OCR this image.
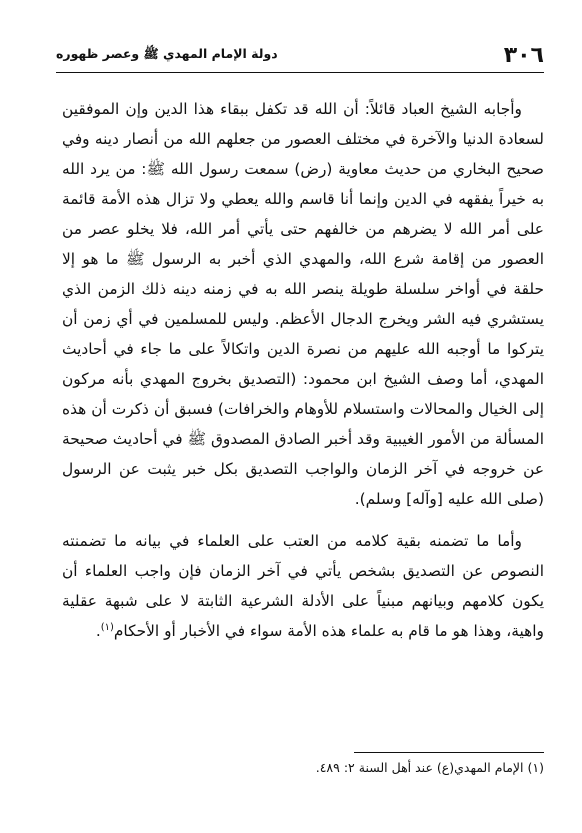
٣٠٦
دولة الإمام المهدي ﷺ وعصر ظهوره

وأجابه الشيخ العباد قائلاً: أن الله قد تكفل ببقاء هذا الدين وإن الموفقين لسعادة الدنيا والآخرة في مختلف العصور من جعلهم الله من أنصار دينه وفي صحيح البخاري من حديث معاوية (رض) سمعت رسول الله ﷺ: من يرد الله به خيراً يفقهه في الدين وإنما أنا قاسم والله يعطي ولا تزال هذه الأمة قائمة على أمر الله لا يضرهم من خالفهم حتى يأتي أمر الله، فلا يخلو عصر من العصور من إقامة شرع الله، والمهدي الذي أخبر به الرسول ﷺ ما هو إلا حلقة في أواخر سلسلة طويلة ينصر الله به في زمنه دينه ذلك الزمن الذي يستشري فيه الشر ويخرج الدجال الأعظم. وليس للمسلمين في أي زمن أن يتركوا ما أوجبه الله عليهم من نصرة الدين واتكالاً على ما جاء في أحاديث المهدي، أما وصف الشيخ ابن محمود: (التصديق بخروج المهدي بأنه مركون إلى الخيال والمحالات واستسلام للأوهام والخرافات) فسبق أن ذكرت أن هذه المسألة من الأمور الغيبية وقد أخبر الصادق المصدوق ﷺ في أحاديث صحيحة عن خروجه في آخر الزمان والواجب التصديق بكل خبر يثبت عن الرسول (صلى الله عليه [وآله] وسلم).

وأما ما تضمنه بقية كلامه من العتب على العلماء في بيانه ما تضمنته النصوص عن التصديق بشخص يأتي في آخر الزمان فإن واجب العلماء أن يكون كلامهم وبيانهم مبنياً على الأدلة الشرعية الثابتة لا على شبهة عقلية واهية، وهذا هو ما قام به علماء هذه الأمة سواء في الأخبار أو الأحكام$^{(١)}$.

(١) الإمام المهدي(ع) عند أهل السنة ٢: ٤٨٩.
